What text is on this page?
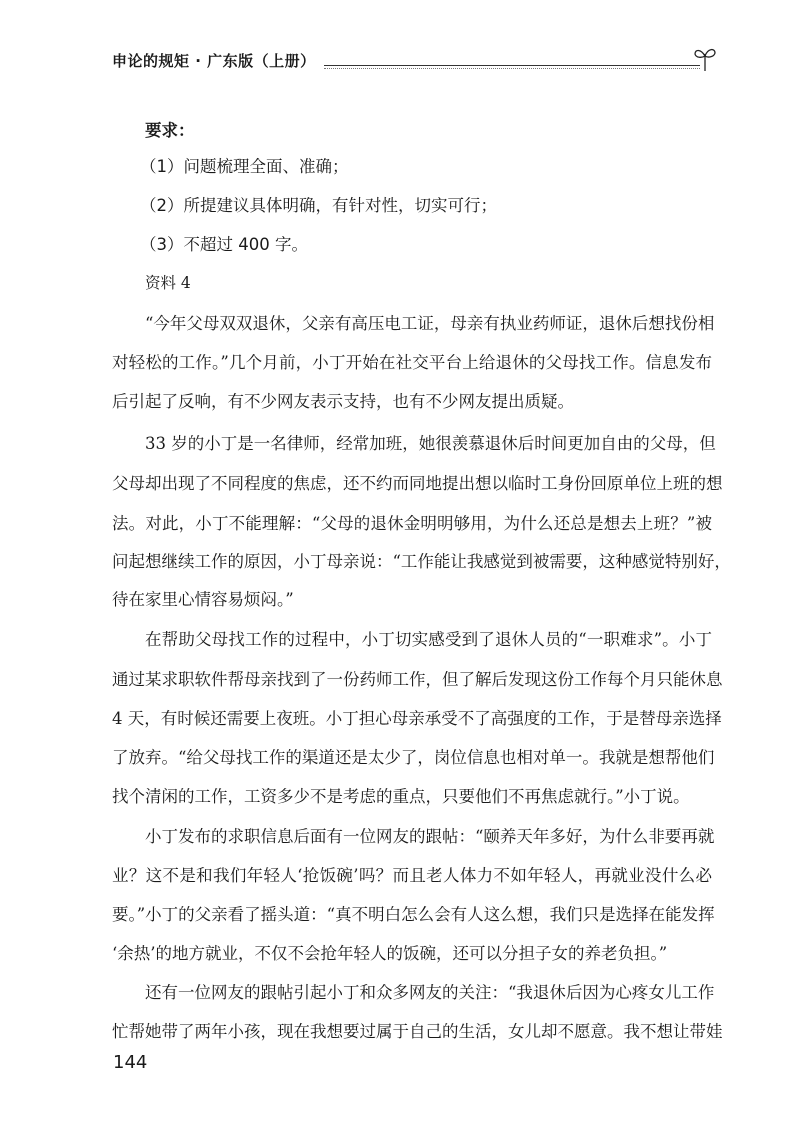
申论的规矩 · 广东版（上册）
要求：
（1）问题梳理全面、准确；
（2）所提建议具体明确，有针对性，切实可行；
（3）不超过 400 字。
资料 4
“今年父母双双退休，父亲有高压电工证，母亲有执业药师证，退休后想找份相
对轻松的工作。”几个月前，小丁开始在社交平台上给退休的父母找工作。信息发布
后引起了反响，有不少网友表示支持，也有不少网友提出质疑。
33 岁的小丁是一名律师，经常加班，她很羡慕退休后时间更加自由的父母，但
父母却出现了不同程度的焦虑，还不约而同地提出想以临时工身份回原单位上班的想
法。对此，小丁不能理解：“父母的退休金明明够用，为什么还总是想去上班？”被
问起想继续工作的原因，小丁母亲说：“工作能让我感觉到被需要，这种感觉特别好，
待在家里心情容易烦闷。”
在帮助父母找工作的过程中，小丁切实感受到了退休人员的“一职难求”。小丁
通过某求职软件帮母亲找到了一份药师工作，但了解后发现这份工作每个月只能休息
4 天，有时候还需要上夜班。小丁担心母亲承受不了高强度的工作，于是替母亲选择
了放弃。“给父母找工作的渠道还是太少了，岗位信息也相对单一。我就是想帮他们
找个清闲的工作，工资多少不是考虑的重点，只要他们不再焦虑就行。”小丁说。
小丁发布的求职信息后面有一位网友的跟帖：“颐养天年多好，为什么非要再就
业？这不是和我们年轻人‘抢饭碗’吗？而且老人体力不如年轻人，再就业没什么必
要。”小丁的父亲看了摇头道：“真不明白怎么会有人这么想，我们只是选择在能发挥
‘余热’的地方就业，不仅不会抢年轻人的饭碗，还可以分担子女的养老负担。”
还有一位网友的跟帖引起小丁和众多网友的关注：“我退休后因为心疼女儿工作
忙帮她带了两年小孩，现在我想要过属于自己的生活，女儿却不愿意。我不想让带娃
144
